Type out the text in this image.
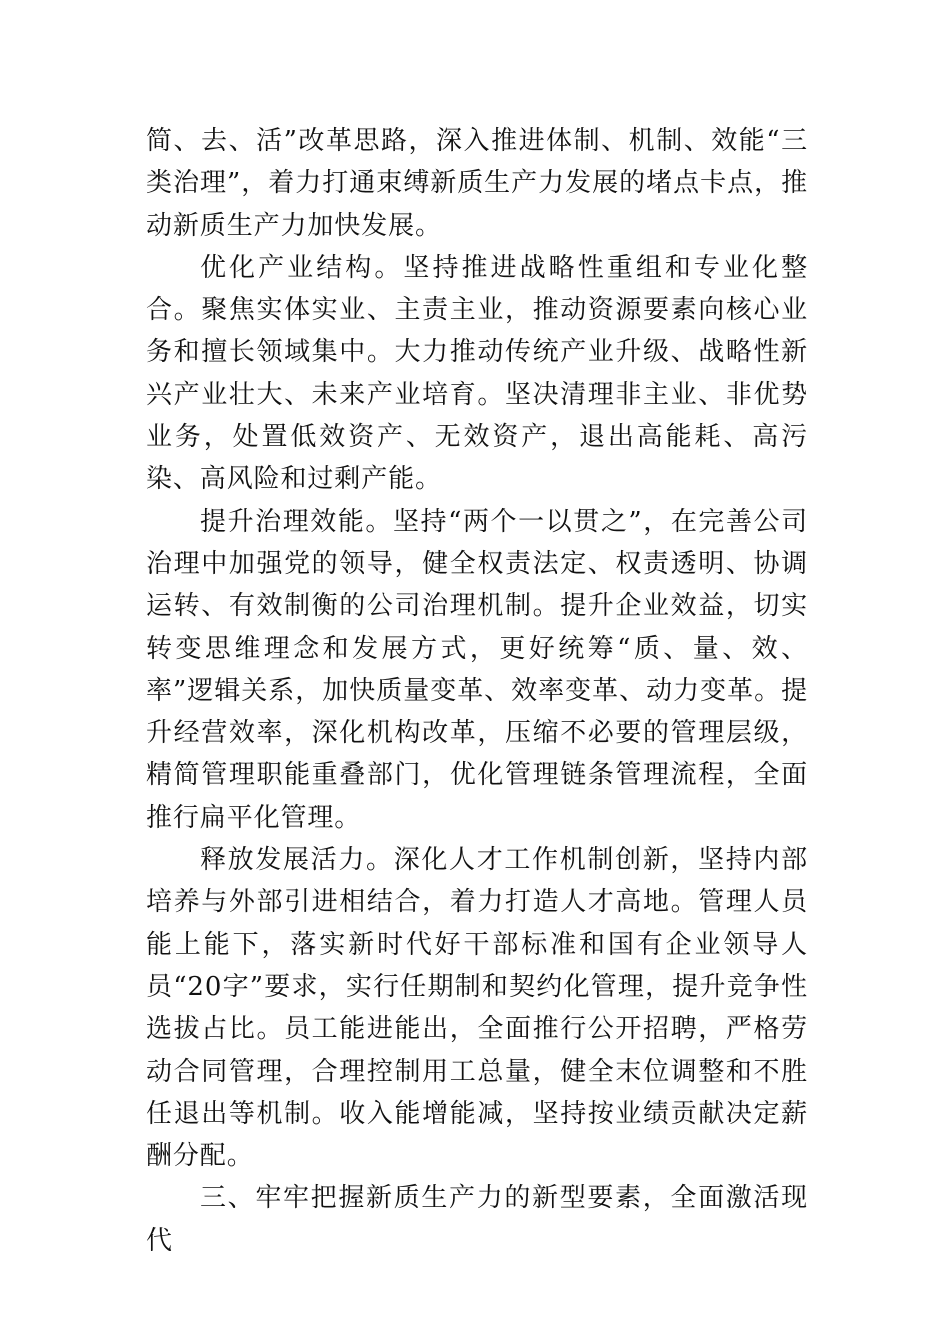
简、去、活”改革思路，深入推进体制、机制、效能“三类治理”，着力打通束缚新质生产力发展的堵点卡点，推动新质生产力加快发展。

优化产业结构。坚持推进战略性重组和专业化整合。聚焦实体实业、主责主业，推动资源要素向核心业务和擅长领域集中。大力推动传统产业升级、战略性新兴产业壮大、未来产业培育。坚决清理非主业、非优势业务，处置低效资产、无效资产，退出高能耗、高污染、高风险和过剩产能。

提升治理效能。坚持“两个一以贯之”，在完善公司治理中加强党的领导，健全权责法定、权责透明、协调运转、有效制衡的公司治理机制。提升企业效益，切实转变思维理念和发展方式，更好统筹“质、量、效、率”逻辑关系，加快质量变革、效率变革、动力变革。提升经营效率，深化机构改革，压缩不必要的管理层级，精简管理职能重叠部门，优化管理链条管理流程，全面推行扁平化管理。

释放发展活力。深化人才工作机制创新，坚持内部培养与外部引进相结合，着力打造人才高地。管理人员能上能下，落实新时代好干部标准和国有企业领导人员“20字”要求，实行任期制和契约化管理，提升竞争性选拔占比。员工能进能出，全面推行公开招聘，严格劳动合同管理，合理控制用工总量，健全末位调整和不胜任退出等机制。收入能增能减，坚持按业绩贡献决定薪酬分配。

三、牢牢把握新质生产力的新型要素，全面激活现代
